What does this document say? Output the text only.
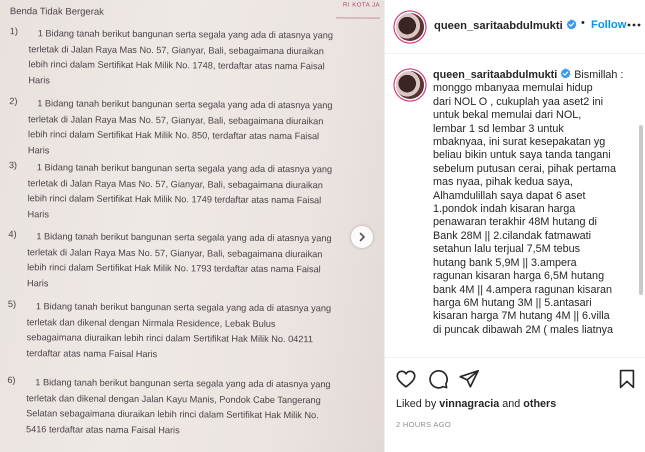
RI KOTA JA
Benda Tidak Bergerak
1)	1 Bidang tanah berikut bangunan serta segala yang ada di atasnya yang
terletak di Jalan Raya Mas No. 57, Gianyar, Bali, sebagaimana diuraikan
lebih rinci dalam Sertifikat Hak Milik No. 1748, terdaftar atas nama Faisal
Haris
2)	1 Bidang tanah berikut bangunan serta segala yang ada di atasnya yang
terletak di Jalan Raya Mas No. 57, Gianyar, Bali, sebagaimana diuraikan
lebih rinci dalam Sertifikat Hak Milik No. 850, terdaftar atas nama Faisal
Haris
3)	1 Bidang tanah berikut bangunan serta segala yang ada di atasnya yang
terletak di Jalan Raya Mas No. 57, Gianyar, Bali, sebagaimana diuraikan
lebih rinci dalam Sertifikat Hak Milik No. 1749 terdaftar atas nama Faisal
Haris
4)	1 Bidang tanah berikut bangunan serta segala yang ada di atasnya yang
terletak di Jalan Raya Mas No. 57, Gianyar, Bali, sebagaimana diuraikan
lebih rinci dalam Sertifikat Hak Milik No. 1793 terdaftar atas nama Faisal
Haris
5)	1 Bidang tanah berikut bangunan serta segala yang ada di atasnya yang
terletak dan dikenal dengan Nirmala Residence, Lebak Bulus
sebagaimana diuraikan lebih rinci dalam Sertifikat Hak Milik No. 04211
terdaftar atas nama Faisal Haris
6)	1 Bidang tanah berikut bangunan serta segala yang ada di atasnya yang
terletak dan dikenal dengan Jalan Kayu Manis, Pondok Cabe Tangerang
Selatan sebagaimana diuraikan lebih rinci dalam Sertifikat Hak Milik No.
5416 terdaftar atas nama Faisal Haris
queen_saritaabdulmukti	• Follow
queen_saritaabdulmukti Bismillah :
monggo mbanyaa memulai hidup
dari NOL O , cukuplah yaa aset2 ini
untuk bekal memulai dari NOL,
lembar 1 sd lembar 3 untuk
mbaknyaa, ini surat kesepakatan yg
beliau bikin untuk saya tanda tangani
sebelum putusan cerai, pihak pertama
mas nyaa, pihak kedua saya,
Alhamdulillah saya dapat 6 aset
1.pondok indah kisaran harga
penawaran terakhir 48M hutang di
Bank 28M || 2.cilandak fatmawati
setahun lalu terjual 7,5M tebus
hutang bank 5,9M || 3.ampera
ragunan kisaran harga 6,5M hutang
bank 4M || 4.ampera ragunan kisaran
harga 6M hutang 3M || 5.antasari
kisaran harga 7M hutang 4M || 6.villa
di puncak dibawah 2M ( males liatnya
Liked by vinnagracia and others
2 HOURS AGO
